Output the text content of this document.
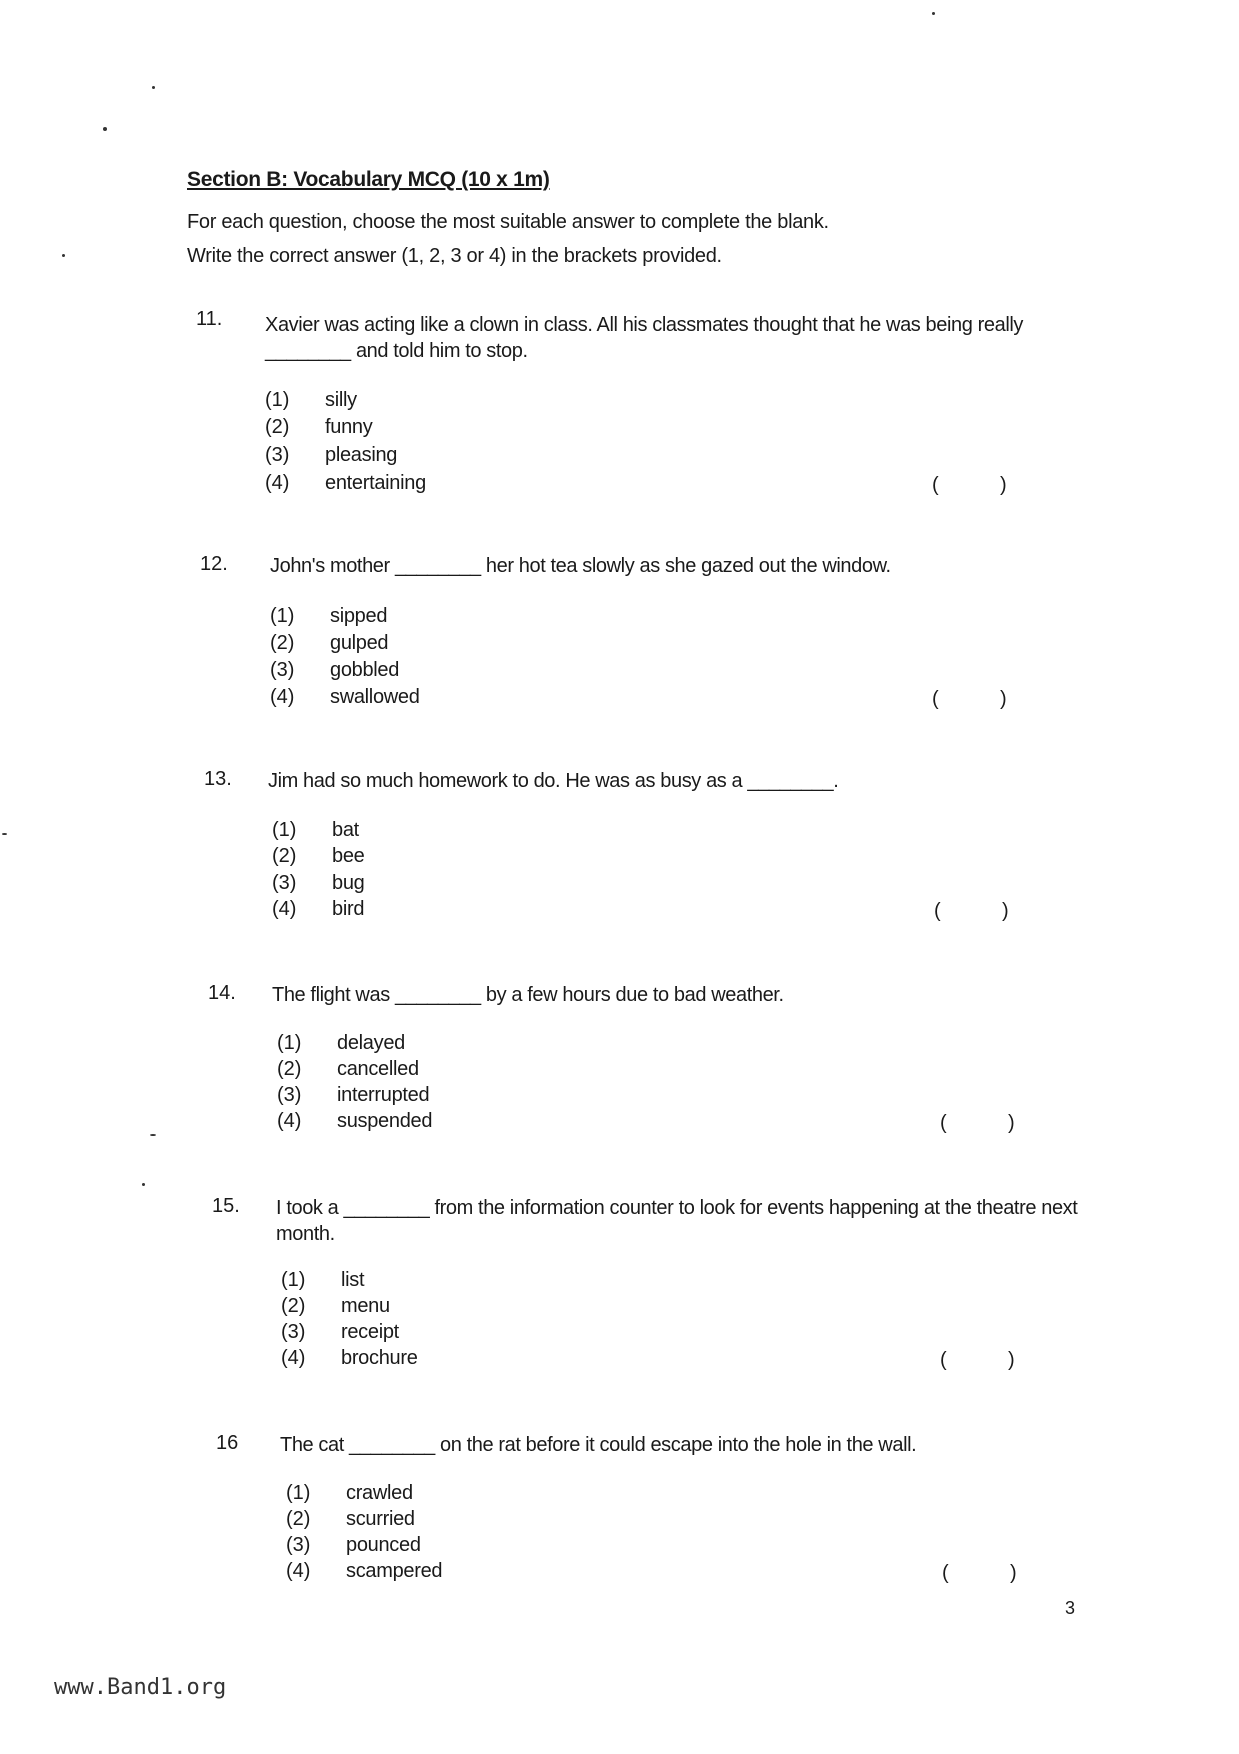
Section B: Vocabulary MCQ (10 x 1m)
For each question, choose the most suitable answer to complete the blank.
Write the correct answer (1, 2, 3 or 4) in the brackets provided.
11. Xavier was acting like a clown in class. All his classmates thought that he was being really ________ and told him to stop.
(1) silly
(2) funny
(3) pleasing
(4) entertaining	(	)
12. John's mother ________ her hot tea slowly as she gazed out the window.
(1) sipped
(2) gulped
(3) gobbled
(4) swallowed	(	)
13. Jim had so much homework to do. He was as busy as a ________.
(1) bat
(2) bee
(3) bug
(4) bird	(	)
14. The flight was ________ by a few hours due to bad weather.
(1) delayed
(2) cancelled
(3) interrupted
(4) suspended	(	)
15. I took a ________ from the information counter to look for events happening at the theatre next month.
(1) list
(2) menu
(3) receipt
(4) brochure	(	)
16 The cat ________ on the rat before it could escape into the hole in the wall.
(1) crawled
(2) scurried
(3) pounced
(4) scampered	(	)
3
www.Band1.org
